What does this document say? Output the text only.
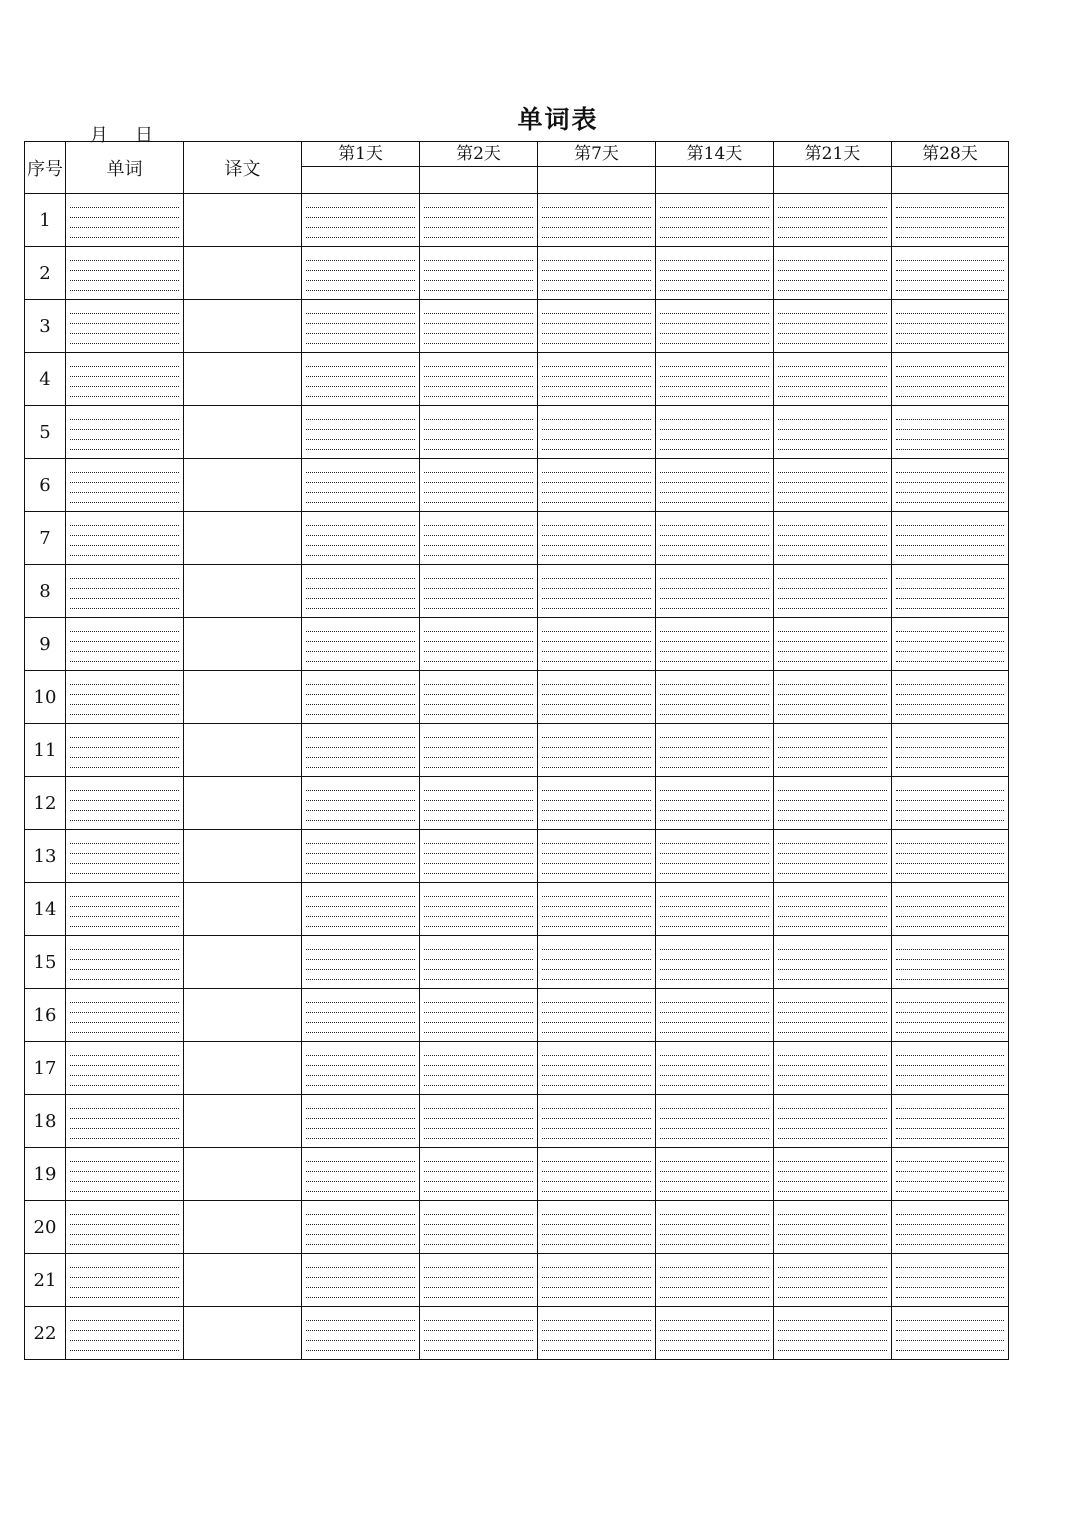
单词表
月 日
序号	单词	译文	第1天	第2天	第7天	第14天	第21天	第28天

1	

2	

3	

4	

5	

6	

7	

8	

9	

10	

11	

12	

13	

14	

15	

16	

17	

18	

19	

20	

21	

22	
